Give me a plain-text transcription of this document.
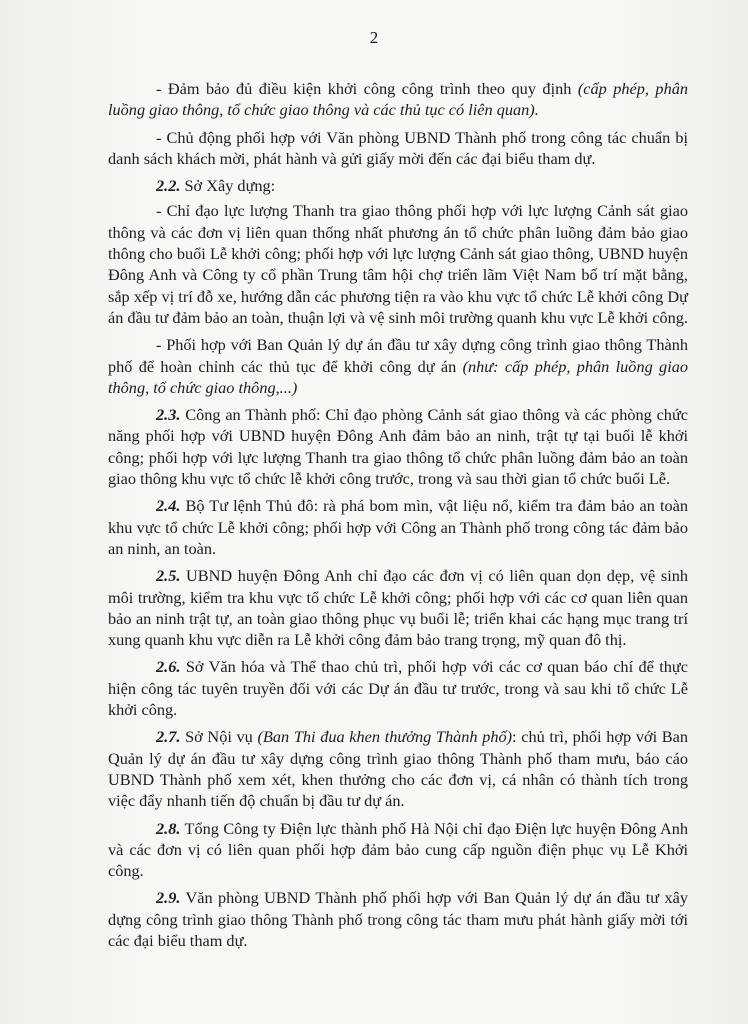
2

- Đảm bảo đủ điều kiện khởi công công trình theo quy định (cấp phép, phân luồng giao thông, tổ chức giao thông và các thủ tục có liên quan).

- Chủ động phối hợp với Văn phòng UBND Thành phố trong công tác chuẩn bị danh sách khách mời, phát hành và gửi giấy mời đến các đại biểu tham dự.

2.2. Sở Xây dựng:

- Chỉ đạo lực lượng Thanh tra giao thông phối hợp với lực lượng Cảnh sát giao thông và các đơn vị liên quan thống nhất phương án tổ chức phân luồng đảm bảo giao thông cho buổi Lễ khởi công; phối hợp với lực lượng Cảnh sát giao thông, UBND huyện Đông Anh và Công ty cổ phần Trung tâm hội chợ triển lãm Việt Nam bố trí mặt bằng, sắp xếp vị trí đỗ xe, hướng dẫn các phương tiện ra vào khu vực tổ chức Lễ khởi công Dự án đầu tư đảm bảo an toàn, thuận lợi và vệ sinh môi trường quanh khu vực Lễ khởi công.

- Phối hợp với Ban Quản lý dự án đầu tư xây dựng công trình giao thông Thành phố để hoàn chỉnh các thủ tục để khởi công dự án (như: cấp phép, phân luồng giao thông, tổ chức giao thông,...)

2.3. Công an Thành phố: Chỉ đạo phòng Cảnh sát giao thông và các phòng chức năng phối hợp với UBND huyện Đông Anh đảm bảo an ninh, trật tự tại buổi lễ khởi công; phối hợp với lực lượng Thanh tra giao thông tổ chức phân luồng đảm bảo an toàn giao thông khu vực tổ chức lễ khởi công trước, trong và sau thời gian tổ chức buổi Lễ.

2.4. Bộ Tư lệnh Thủ đô: rà phá bom mìn, vật liệu nổ, kiểm tra đảm bảo an toàn khu vực tổ chức Lễ khởi công; phối hợp với Công an Thành phố trong công tác đảm bảo an ninh, an toàn.

2.5. UBND huyện Đông Anh chỉ đạo các đơn vị có liên quan dọn dẹp, vệ sinh môi trường, kiểm tra khu vực tổ chức Lễ khởi công; phối hợp với các cơ quan liên quan bảo an ninh trật tự, an toàn giao thông phục vụ buổi lễ; triển khai các hạng mục trang trí xung quanh khu vực diễn ra Lễ khởi công đảm bảo trang trọng, mỹ quan đô thị.

2.6. Sở Văn hóa và Thể thao chủ trì, phối hợp với các cơ quan báo chí để thực hiện công tác tuyên truyền đối với các Dự án đầu tư trước, trong và sau khi tổ chức Lễ khởi công.

2.7. Sở Nội vụ (Ban Thi đua khen thưởng Thành phố): chủ trì, phối hợp với Ban Quản lý dự án đầu tư xây dựng công trình giao thông Thành phố tham mưu, báo cáo UBND Thành phố xem xét, khen thưởng cho các đơn vị, cá nhân có thành tích trong việc đẩy nhanh tiến độ chuẩn bị đầu tư dự án.

2.8. Tổng Công ty Điện lực thành phố Hà Nội chỉ đạo Điện lực huyện Đông Anh và các đơn vị có liên quan phối hợp đảm bảo cung cấp nguồn điện phục vụ Lễ Khởi công.

2.9. Văn phòng UBND Thành phố phối hợp với Ban Quản lý dự án đầu tư xây dựng công trình giao thông Thành phố trong công tác tham mưu phát hành giấy mời tới các đại biểu tham dự.
